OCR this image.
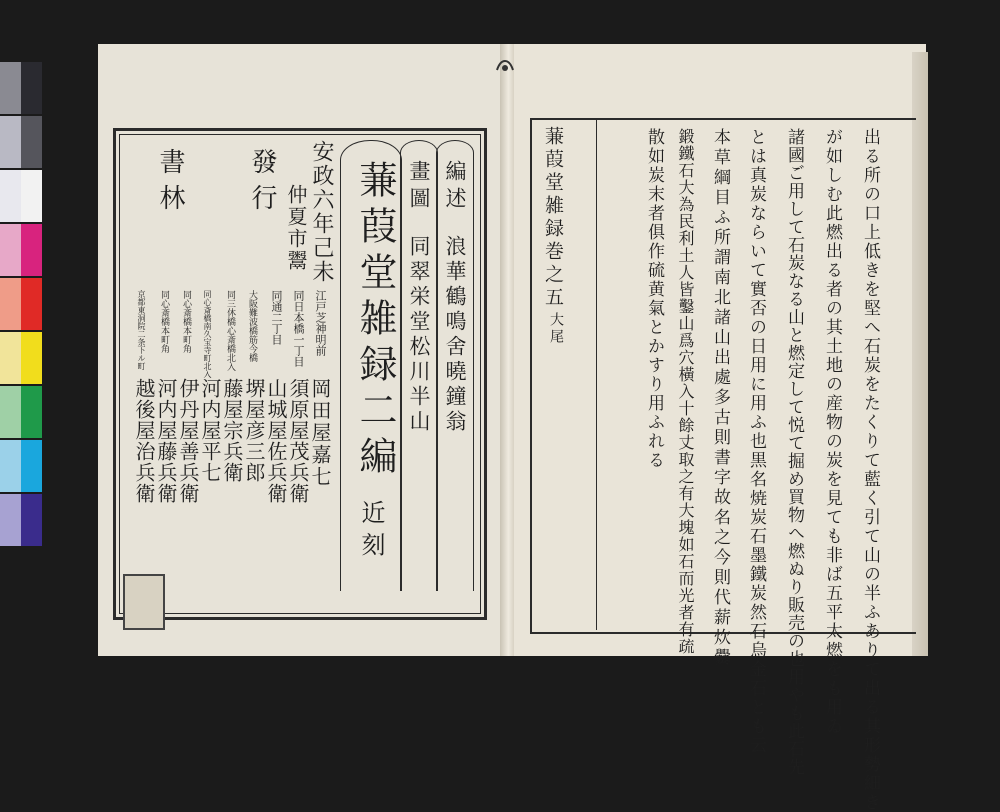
編述
浪華鶴鳴舍曉鐘翁
畫圖
同翠栄堂松川半山
蒹葭堂雑録二編
近刻
安政六年己未
仲夏市鬻
發行
書林
江戸芝神明前
同日本橋一丁目
同通二丁目
大阪難波橋筋今橋
同三休橋心斎橋北入
同心斎橋南久宝寺町北入
同心斎橋本町角
同心斎橋本町角
京都東洞院二条下ル町
岡田屋嘉七
須原屋茂兵衛
山城屋佐兵衛
堺屋彦三郎
藤屋宗兵衛
河内屋平七
伊丹屋善兵衛
河内屋藤兵衛
越後屋治兵衛
蒹葭堂雑録巻之五
大尾	出る所の口上低きを堅へ石炭をたくりて藍く引て山の半ふありて出る其形勢細き
が如しむ此燃出る者の其土地の産物の炭を見ても非ば五平太燃をも用ゐ
諸國ご用して石炭なる山と燃定して悦て掘め買物へ燃ぬり販売の也用やも此石先
とは真炭ならいて實否の日用に用ふ也黒名焼炭石墨鐵炭然石烏金石とも云
本草綱目ふ所謂南北諸山出處多古則書字故名之今則代薪炊爨
鍛鐵石大為民利土人皆鑿山爲穴橫入十餘丈取之有大塊如石而光者有疏
散如炭末者俱作硫黄氣とかすり用ふれる
